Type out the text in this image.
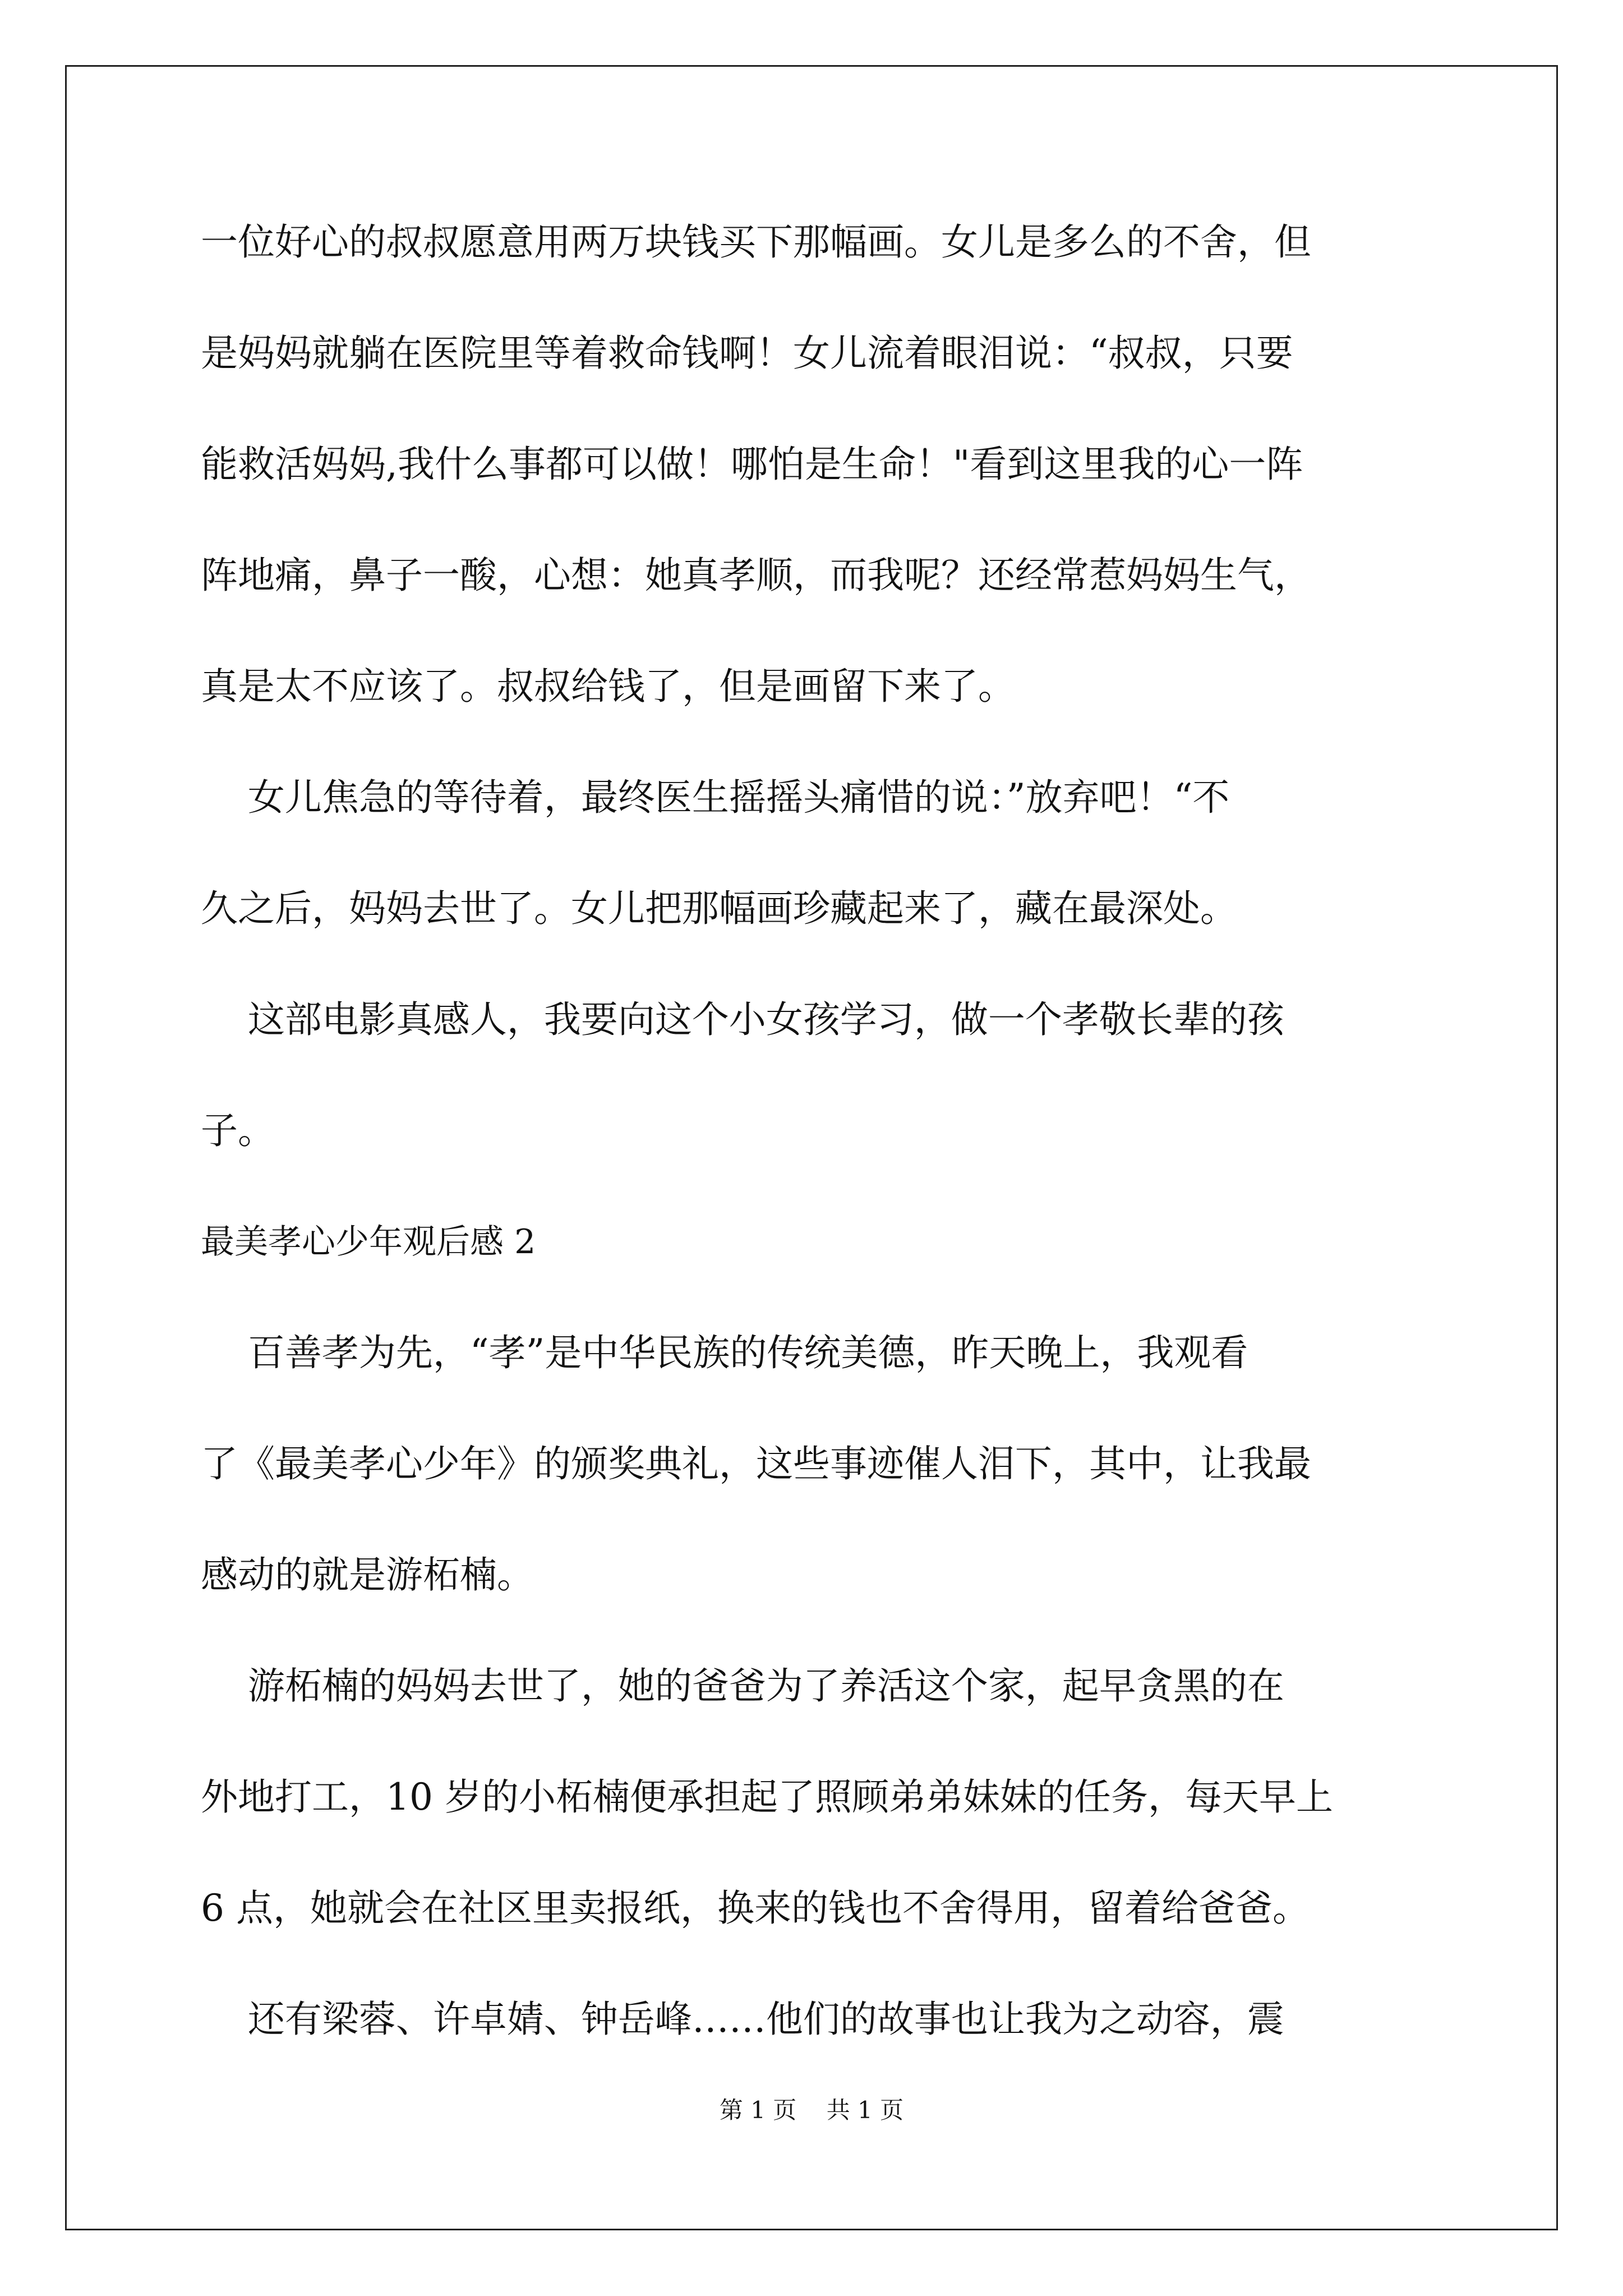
一位好心的叔叔愿意用两万块钱买下那幅画。女儿是多么的不舍，但
是妈妈就躺在医院里等着救命钱啊！女儿流着眼泪说：“叔叔，只要
能救活妈妈,我什么事都可以做！哪怕是生命！"看到这里我的心一阵
阵地痛，鼻子一酸，心想：她真孝顺，而我呢？还经常惹妈妈生气，
真是太不应该了。叔叔给钱了，但是画留下来了。
女儿焦急的等待着，最终医生摇摇头痛惜的说：”放弃吧！“不
久之后，妈妈去世了。女儿把那幅画珍藏起来了，藏在最深处。
这部电影真感人，我要向这个小女孩学习，做一个孝敬长辈的孩
子。
最美孝心少年观后感 2
百善孝为先，“孝”是中华民族的传统美德，昨天晚上，我观看
了《最美孝心少年》的颁奖典礼，这些事迹催人泪下，其中，让我最
感动的就是游柘楠。
游柘楠的妈妈去世了，她的爸爸为了养活这个家，起早贪黑的在
外地打工，10 岁的小柘楠便承担起了照顾弟弟妹妹的任务，每天早上
6 点，她就会在社区里卖报纸，换来的钱也不舍得用，留着给爸爸。
还有梁蓉、许卓婧、钟岳峰……他们的故事也让我为之动容，震
第 1 页    共 1 页
